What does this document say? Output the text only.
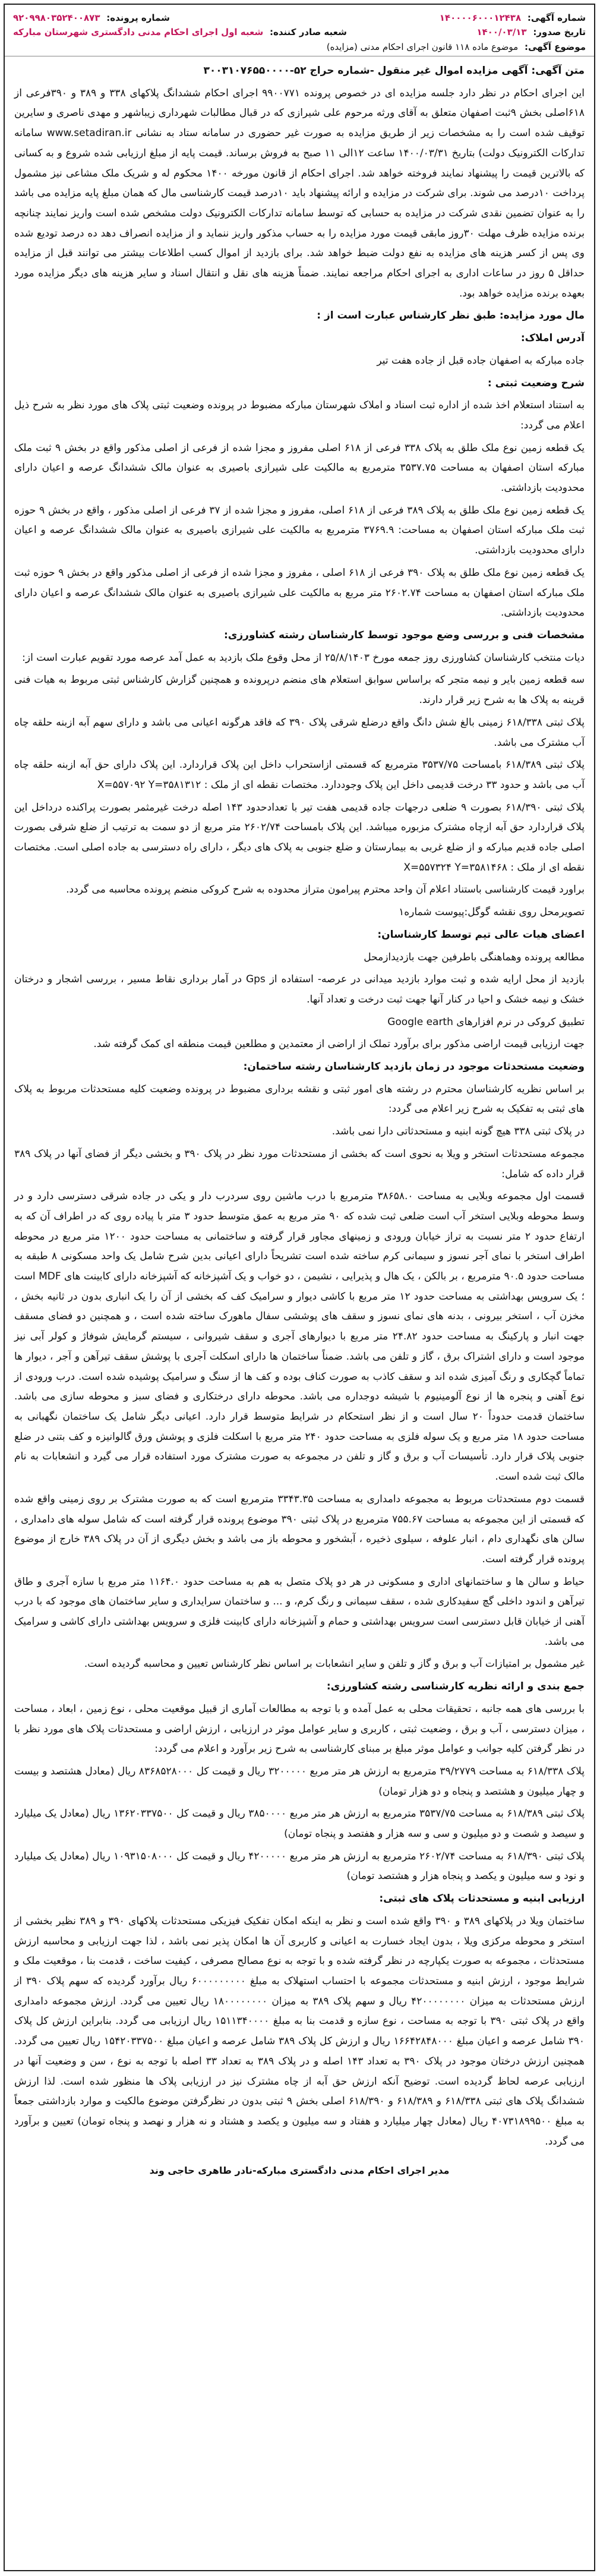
شماره آگهی: ۱۴۰۰۰۰۶۰۰۰۱۲۴۳۸
شماره پرونده: ۹۲۰۹۹۸۰۳۵۲۴۰۰۸۷۳
تاریخ صدور: ۱۴۰۰/۰۳/۱۳
شعبه صادر کننده: شعبه اول اجرای احکام مدنی دادگستری شهرستان مبارکه
موضوع آگهی: موضوع ماده ۱۱۸ قانون اجرای احکام مدنی (مزایده)

متن آگهی: آگهی مزایده اموال غیر منقول -شماره حراج ۵۲-۳۰۰۳۱۰۷۶۵۵۰۰۰۰

این اجرای احکام در نظر دارد جلسه مزایده ای در خصوص پرونده ۹۹۰۰۷۷۱ اجرای احکام ششدانگ پلاکهای ۳۳۸ و ۳۸۹ و ۳۹۰فرعی از ۶۱۸اصلی بخش ۹ثبت اصفهان متعلق به آقای ورثه مرحوم علی شیرازی که در قبال مطالبات شهرداری زیباشهر و مهدی ناصری و سایرین توقیف شده است را به مشخصات زیر از طریق مزایده به صورت غیر حضوری در سامانه ستاد به نشانی www.setadiran.ir سامانه تدارکات الکترونیک دولت) بتاریخ ۱۴۰۰/۰۳/۳۱ ساعت ۱۲الی ۱۱ صبح به فروش برساند. قیمت پایه از مبلغ ارزیابی شده شروع و به کسانی که بالاترین قیمت را پیشنهاد نمایند فروخته خواهد شد. اجرای احکام از قانون مورخه ۱۴۰۰ محکوم له و شریک ملک مشاعی نیز مشمول پرداخت ۱۰درصد می شوند. برای شرکت در مزایده و ارائه پیشنهاد باید ۱۰درصد قیمت کارشناسی مال که همان مبلغ پایه مزایده می باشد را به عنوان تضمین نقدی شرکت در مزایده به حسابی که توسط سامانه تدارکات الکترونیک دولت مشخص شده است واریز نمایند چنانچه برنده مزایده ظرف مهلت ۳۰روز مابقی قیمت مورد مزایده را به حساب مذکور واریز ننماید و از مزایده انصراف دهد ده درصد تودیع شده وی پس از کسر هزینه های مزایده به نفع دولت ضبط خواهد شد. برای بازدید از اموال کسب اطلاعات بیشتر می توانند قبل از مزایده حداقل ۵ روز در ساعات اداری به اجرای احکام مراجعه نمایند. ضمناً هزینه های نقل و انتقال اسناد و سایر هزینه های دیگر مزایده مورد بعهده برنده مزایده خواهد بود.

مال مورد مزایده: طبق نظر کارشناس عبارت است از :

آدرس املاک:

جاده مبارکه به اصفهان جاده قبل از جاده هفت تیر

شرح وضعیت ثبتی :

به استناد استعلام اخذ شده از اداره ثبت اسناد و املاک شهرستان مبارکه مضبوط در پرونده وضعیت ثبتی پلاک های مورد نظر به شرح ذیل اعلام می گردد:

یک قطعه زمین نوع ملک طلق به پلاک ۳۳۸ فرعی از ۶۱۸ اصلی مفروز و مجزا شده از فرعی از اصلی مذکور واقع در بخش ۹ ثبت ملک مبارکه استان اصفهان به مساحت ۳۵۳۷.۷۵ مترمربع به مالکیت علی شیرازی باصیری به عنوان مالک ششدانگ عرصه و اعیان دارای محدودیت بازداشتی.

یک قطعه زمین نوع ملک طلق به پلاک ۳۸۹ فرعی از ۶۱۸ اصلی، مفروز و مجزا شده از ۳۷ فرعی از اصلی مذکور ، واقع در بخش ۹ حوزه ثبت ملک مبارکه استان اصفهان به مساحت: ۳۷۶۹.۹ مترمربع به مالکیت علی شیرازی باصیری به عنوان مالک ششدانگ عرصه و اعیان دارای محدودیت بازداشتی.

یک قطعه زمین نوع ملک طلق به پلاک ۳۹۰ فرعی از ۶۱۸ اصلی ، مفروز و مجزا شده از فرعی از اصلی مذکور واقع در بخش ۹ حوزه ثبت ملک مبارکه استان اصفهان به مساحت ۲۶۰۲.۷۴ متر مربع به مالکیت علی شیرازی باصیری به عنوان مالک ششدانگ عرصه و اعیان دارای محدودیت بازداشتی.

مشخصات فنی و بررسی وضع موجود توسط کارشناسان رشته کشاورزی:

دیات منتخب کارشناسان کشاورزی روز جمعه مورخ ۲۵/۸/۱۴۰۳ از محل وقوع ملک بازدید به عمل آمد عرصه مورد تقویم عبارت است از:

سه قطعه زمین بایر و نیمه متجر که براساس سوابق استعلام های منضم درپرونده و همچنین گزارش کارشناس ثبتی مربوط به هیات فنی قرینه به پلاک ها به شرح زیر قرار دارند.

پلاک ثبتی ۶۱۸/۳۳۸ زمینی بالغ شش دانگ واقع درضلع شرقی پلاک ۳۹۰ که فاقد هرگونه اعیانی می باشد و دارای سهم آبه ازبنه حلقه چاه آب مشترک می باشد.

پلاک ثبتی ۶۱۸/۳۸۹ بامساحت ۳۵۳۷/۷۵ مترمربع که قسمتی ازاستحراب داخل این پلاک قراردارد. این پلاک دارای حق آبه ازبنه حلقه چاه آب می باشد و حدود ۳۳ درخت قدیمی داخل این پلاک وجوددارد. مختصات نقطه ای از ملک : X=۵۵۷۰۹۲ Y=۳۵۸۱۳۱۲

پلاک ثبتی ۶۱۸/۳۹۰ بصورت ۹ ضلعی درجهات جاده قدیمی هفت تیر با تعدادحدود ۱۴۳ اصله درخت غیرمثمر بصورت پراکنده درداخل این پلاک قراردارد حق آبه ازچاه مشترک مزبوره میباشد. این پلاک بامساحت ۲۶۰۲/۷۴ متر مربع از دو سمت به ترتیب از ضلع شرقی بصورت اصلی جاده قدیم مبارکه و از ضلع غربی به بیمارستان و ضلع جنوبی به پلاک های دیگر ، دارای راه دسترسی به جاده اصلی است. مختصات نقطه ای از ملک : X=۵۵۷۳۲۴ Y=۳۵۸۱۴۶۸

براورد قیمت کارشناسی باستناد اعلام آن واحد محترم پیرامون متراز محدوده به شرح کروکی منضم پرونده محاسبه می گردد.

تصویرمحل روی نقشه گوگل:پیوست شماره۱

اعضای هیات عالی تیم توسط کارشناسان:

مطالعه پرونده وهماهنگی باطرفین جهت بازدیدازمحل

بازدید از محل ارایه شده و ثبت موارد بازدید میدانی در عرصه- استفاده از Gps در آمار برداری نقاط مسیر ، بررسی اشجار و درختان خشک و نیمه خشک و احیا در کنار آنها جهت ثبت درخت و تعداد آنها.

تطبیق کروکی در نرم افزارهای Google earth

جهت ارزیابی قیمت اراضی مذکور برای برآورد تملک از اراضی از معتمدین و مطلعین قیمت منطقه ای کمک گرفته شد.

وضعیت مستحدثات موجود در زمان بازدید کارشناسان رشته ساختمان:

بر اساس نظریه کارشناسان محترم در رشته های امور ثبتی و نقشه برداری مضبوط در پرونده وضعیت کلیه مستحدثات مربوط به پلاک های ثبتی به تفکیک به شرح زیر اعلام می گردد:

در پلاک ثبتی ۳۳۸ هیچ گونه ابنیه و مستحدثاتی دارا نمی باشد.

مجموعه مستحدثات استخر و ویلا به نحوی است که بخشی از مستحدثات مورد نظر در پلاک ۳۹۰ و بخشی دیگر از فضای آنها در پلاک ۳۸۹ قرار داده که شامل:

قسمت اول مجموعه وبلایی به مساحت ۳۸۶۵۸.۰ مترمربع با درب ماشین روی سردرب دار و یکی در جاده شرقی دسترسی دارد و در وسط محوطه وبلایی استخر آب است ضلعی ثبت شده که ۹۰ متر مربع به عمق متوسط حدود ۳ متر با پیاده روی که در اطراف آن که به ارتفاع حدود ۲ متر نسبت به تراز خیابان ورودی و زمینهای مجاور قرار گرفته و ساختمانی به مساحت حدود ۱۲۰۰ متر مربع در محوطه اطراف استخر با نمای آجر نسوز و سیمانی کرم ساخته شده است تشریحاً دارای اعیانی بدین شرح شامل یک واحد مسکونی ۸ طبقه به مساحت حدود ۹۰.۵ مترمربع ، بر بالکن ، یک هال و پذیرایی ، نشیمن ، دو خواب و یک آشپزخانه که آشپزخانه دارای کابینت های MDF است ؛ یک سرویس بهداشتی به مساحت حدود ۱۲ متر مربع با کاشی دیوار و سرامیک کف که بخشی از آن را یک انباری بدون در ثانیه بخش ، مخزن آب ، استخر بیرونی ، بدنه های نمای نسوز و سقف های پوششی سفال ماهورک ساخته شده است ، و همچنین دو فضای مسقف جهت انبار و پارکینگ به مساحت حدود ۲۴.۸۲ متر مربع با دیوارهای آجری و سقف شیروانی ، سیستم گرمایش شوفاژ و کولر آبی نیز موجود است و دارای اشتراک برق ، گاز و تلفن می باشد. ضمناً ساختمان ها دارای اسکلت آجری با پوشش سقف تیرآهن و آجر ، دیوار ها تماماً گچکاری و رنگ آمیزی شده اند و سقف کاذب به صورت کناف بوده و کف ها از سنگ و سرامیک پوشیده شده است. درب ورودی از نوع آهنی و پنجره ها از نوع آلومینیوم با شیشه دوجداره می باشد. محوطه دارای درختکاری و فضای سبز و محوطه سازی می باشد. ساختمان قدمت حدوداً ۲۰ سال است و از نظر استحکام در شرایط متوسط قرار دارد. اعیانی دیگر شامل یک ساختمان نگهبانی به مساحت حدود ۱۸ متر مربع و یک سوله فلزی به مساحت حدود ۲۴۰ متر مربع با اسکلت فلزی و پوشش ورق گالوانیزه و کف بتنی در ضلع جنوبی پلاک قرار دارد. تأسیسات آب و برق و گاز و تلفن در مجموعه به صورت مشترک مورد استفاده قرار می گیرد و انشعابات به نام مالک ثبت شده است.

قسمت دوم مستحدثات مربوط به مجموعه دامداری به مساحت ۳۳۴۳.۳۵ مترمربع است که به صورت مشترک بر روی زمینی واقع شده که قسمتی از این مجموعه به مساحت ۷۵۵.۶۷ مترمربع در پلاک ثبتی ۳۹۰ موضوع پرونده قرار گرفته است که شامل سوله های دامداری ، سالن های نگهداری دام ، انبار علوفه ، سیلوی ذخیره ، آبشخور و محوطه باز می باشد و بخش دیگری از آن در پلاک ۳۸۹ خارج از موضوع پرونده قرار گرفته است.

حیاط و سالن ها و ساختمانهای اداری و مسکونی در هر دو پلاک متصل به هم به مساحت حدود ۱۱۶۴.۰ متر مربع با سازه آجری و طاق تیرآهن و اندود داخلی گچ سفیدکاری شده ، سقف سیمانی و رنگ کرم، و ... و ساختمان سرایداری و سایر ساختمان های موجود که با درب آهنی از خیابان قابل دسترسی است سرویس بهداشتی و حمام و آشپزخانه دارای کابینت فلزی و سرویس بهداشتی دارای کاشی و سرامیک می باشد.

غیر مشمول بر امتیازات آب و برق و گاز و تلفن و سایر انشعابات بر اساس نظر کارشناس تعیین و محاسبه گردیده است.

جمع بندی و ارائه نظریه کارشناسی رشته کشاورزی:

با بررسی های همه جانبه ، تحقیقات محلی به عمل آمده و با توجه به مطالعات آماری از قبیل موقعیت محلی ، نوع زمین ، ابعاد ، مساحت ، میزان دسترسی ، آب و برق ، وضعیت ثبتی ، کاربری و سایر عوامل موثر در ارزیابی ، ارزش اراضی و مستحدثات پلاک های مورد نظر با در نظر گرفتن کلیه جوانب و عوامل موثر مبلغ بر مبنای کارشناسی به شرح زیر برآورد و اعلام می گردد:

پلاک ۶۱۸/۳۳۸ به مساحت ۳۹/۲۷۷۹ مترمربع به ارزش هر متر مربع ۳۲۰۰۰۰۰ ریال و قیمت کل ۸۳۶۸۵۲۸۰۰۰ ریال (معادل هشتصد و بیست و چهار میلیون و هشتصد و پنجاه و دو هزار تومان)

پلاک ثبتی ۶۱۸/۳۸۹ به مساحت ۳۵۳۷/۷۵ مترمربع به ارزش هر متر مربع ۳۸۵۰۰۰۰ ریال و قیمت کل ۱۳۶۲۰۳۳۷۵۰۰ ریال (معادل یک میلیارد و سیصد و شصت و دو میلیون و سی و سه هزار و هفتصد و پنجاه تومان)

پلاک ثبتی ۶۱۸/۳۹۰ به مساحت ۲۶۰۲/۷۴ مترمربع به ارزش هر متر مربع ۴۲۰۰۰۰۰ ریال و قیمت کل ۱۰۹۳۱۵۰۸۰۰۰ ریال (معادل یک میلیارد و نود و سه میلیون و یکصد و پنجاه هزار و هشتصد تومان)

ارزیابی ابنیه و مستحدثات پلاک های ثبتی:

ساختمان ویلا در پلاکهای ۳۸۹ و ۳۹۰ واقع شده است و نظر به اینکه امکان تفکیک فیزیکی مستحدثات پلاکهای ۳۹۰ و ۳۸۹ نظیر بخشی از استخر و محوطه مرکزی ویلا ، بدون ایجاد خسارت به اعیانی و کاربری آن ها امکان پذیر نمی باشد ، لذا جهت ارزیابی و محاسبه ارزش مستحدثات ، مجموعه به صورت یکپارچه در نظر گرفته شده و با توجه به نوع مصالح مصرفی ، کیفیت ساخت ، قدمت بنا ، موقعیت ملک و شرایط موجود ، ارزش ابنیه و مستحدثات مجموعه با احتساب استهلاک به مبلغ ۶۰۰۰۰۰۰۰۰۰ ریال برآورد گردیده که سهم پلاک ۳۹۰ از ارزش مستحدثات به میزان ۴۲۰۰۰۰۰۰۰۰ ریال و سهم پلاک ۳۸۹ به میزان ۱۸۰۰۰۰۰۰۰۰ ریال تعیین می گردد. ارزش مجموعه دامداری واقع در پلاک ثبتی ۳۹۰ با توجه به مساحت ، نوع سازه و قدمت بنا به مبلغ ۱۵۱۱۳۴۰۰۰۰ ریال ارزیابی می گردد. بنابراین ارزش کل پلاک ۳۹۰ شامل عرصه و اعیان مبلغ ۱۶۶۴۲۸۴۸۰۰۰ ریال و ارزش کل پلاک ۳۸۹ شامل عرصه و اعیان مبلغ ۱۵۴۲۰۳۳۷۵۰۰ ریال تعیین می گردد. همچنین ارزش درختان موجود در پلاک ۳۹۰ به تعداد ۱۴۳ اصله و در پلاک ۳۸۹ به تعداد ۳۳ اصله با توجه به نوع ، سن و وضعیت آنها در ارزیابی عرصه لحاظ گردیده است. توضیح آنکه ارزش حق آبه از چاه مشترک نیز در ارزیابی پلاک ها منظور شده است. لذا ارزش ششدانگ پلاک های ثبتی ۶۱۸/۳۳۸ و ۶۱۸/۳۸۹ و ۶۱۸/۳۹۰ اصلی بخش ۹ ثبتی بدون در نظرگرفتن موضوع مالکیت و موارد بازداشتی جمعاً به مبلغ ۴۰۷۳۱۸۹۹۵۰۰ ریال (معادل چهار میلیارد و هفتاد و سه میلیون و یکصد و هشتاد و نه هزار و نهصد و پنجاه تومان) تعیین و برآورد می گردد.

مدیر اجرای احکام مدنی دادگستری مبارکه-نادر طاهری حاجی وند
